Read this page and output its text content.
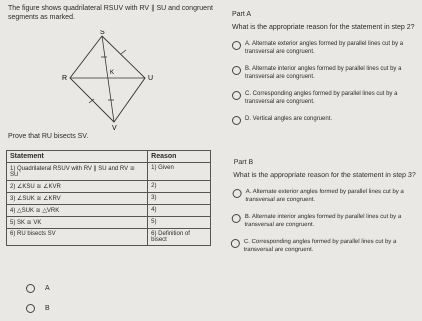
The figure shows quadrilateral RSUV with RV ∥ SU and congruent segments as marked.
S
K
R	U
V
Prove that RU bisects SV.
Statement	Reason
1) Quadrilateral RSUV with RV ∥ SU and RV ≅ SU	1) Given
2) ∠KSU ≅ ∠KVR	2)
3) ∠SUK ≅ ∠KRV	3)
4) △SUK ≅ △VRK	4)
5) SK ≅ VK	5)
6) RU bisects SV	6) Definition of bisect
Part A
What is the appropriate reason for the statement in step 2?
A. Alternate exterior angles formed by parallel lines cut by a transversal are congruent.
B. Alternate interior angles formed by parallel lines cut by a transversal are congruent.
C. Corresponding angles formed by parallel lines cut by a transversal are congruent.
D. Vertical angles are congruent.
Part B
What is the appropriate reason for the statement in step 3?
A. Alternate exterior angles formed by parallel lines cut by a transversal are congruent.
B. Alternate interior angles formed by parallel lines cut by a transversal are congruent.
C. Corresponding angles formed by parallel lines cut by a transversal are congruent.
A
B
